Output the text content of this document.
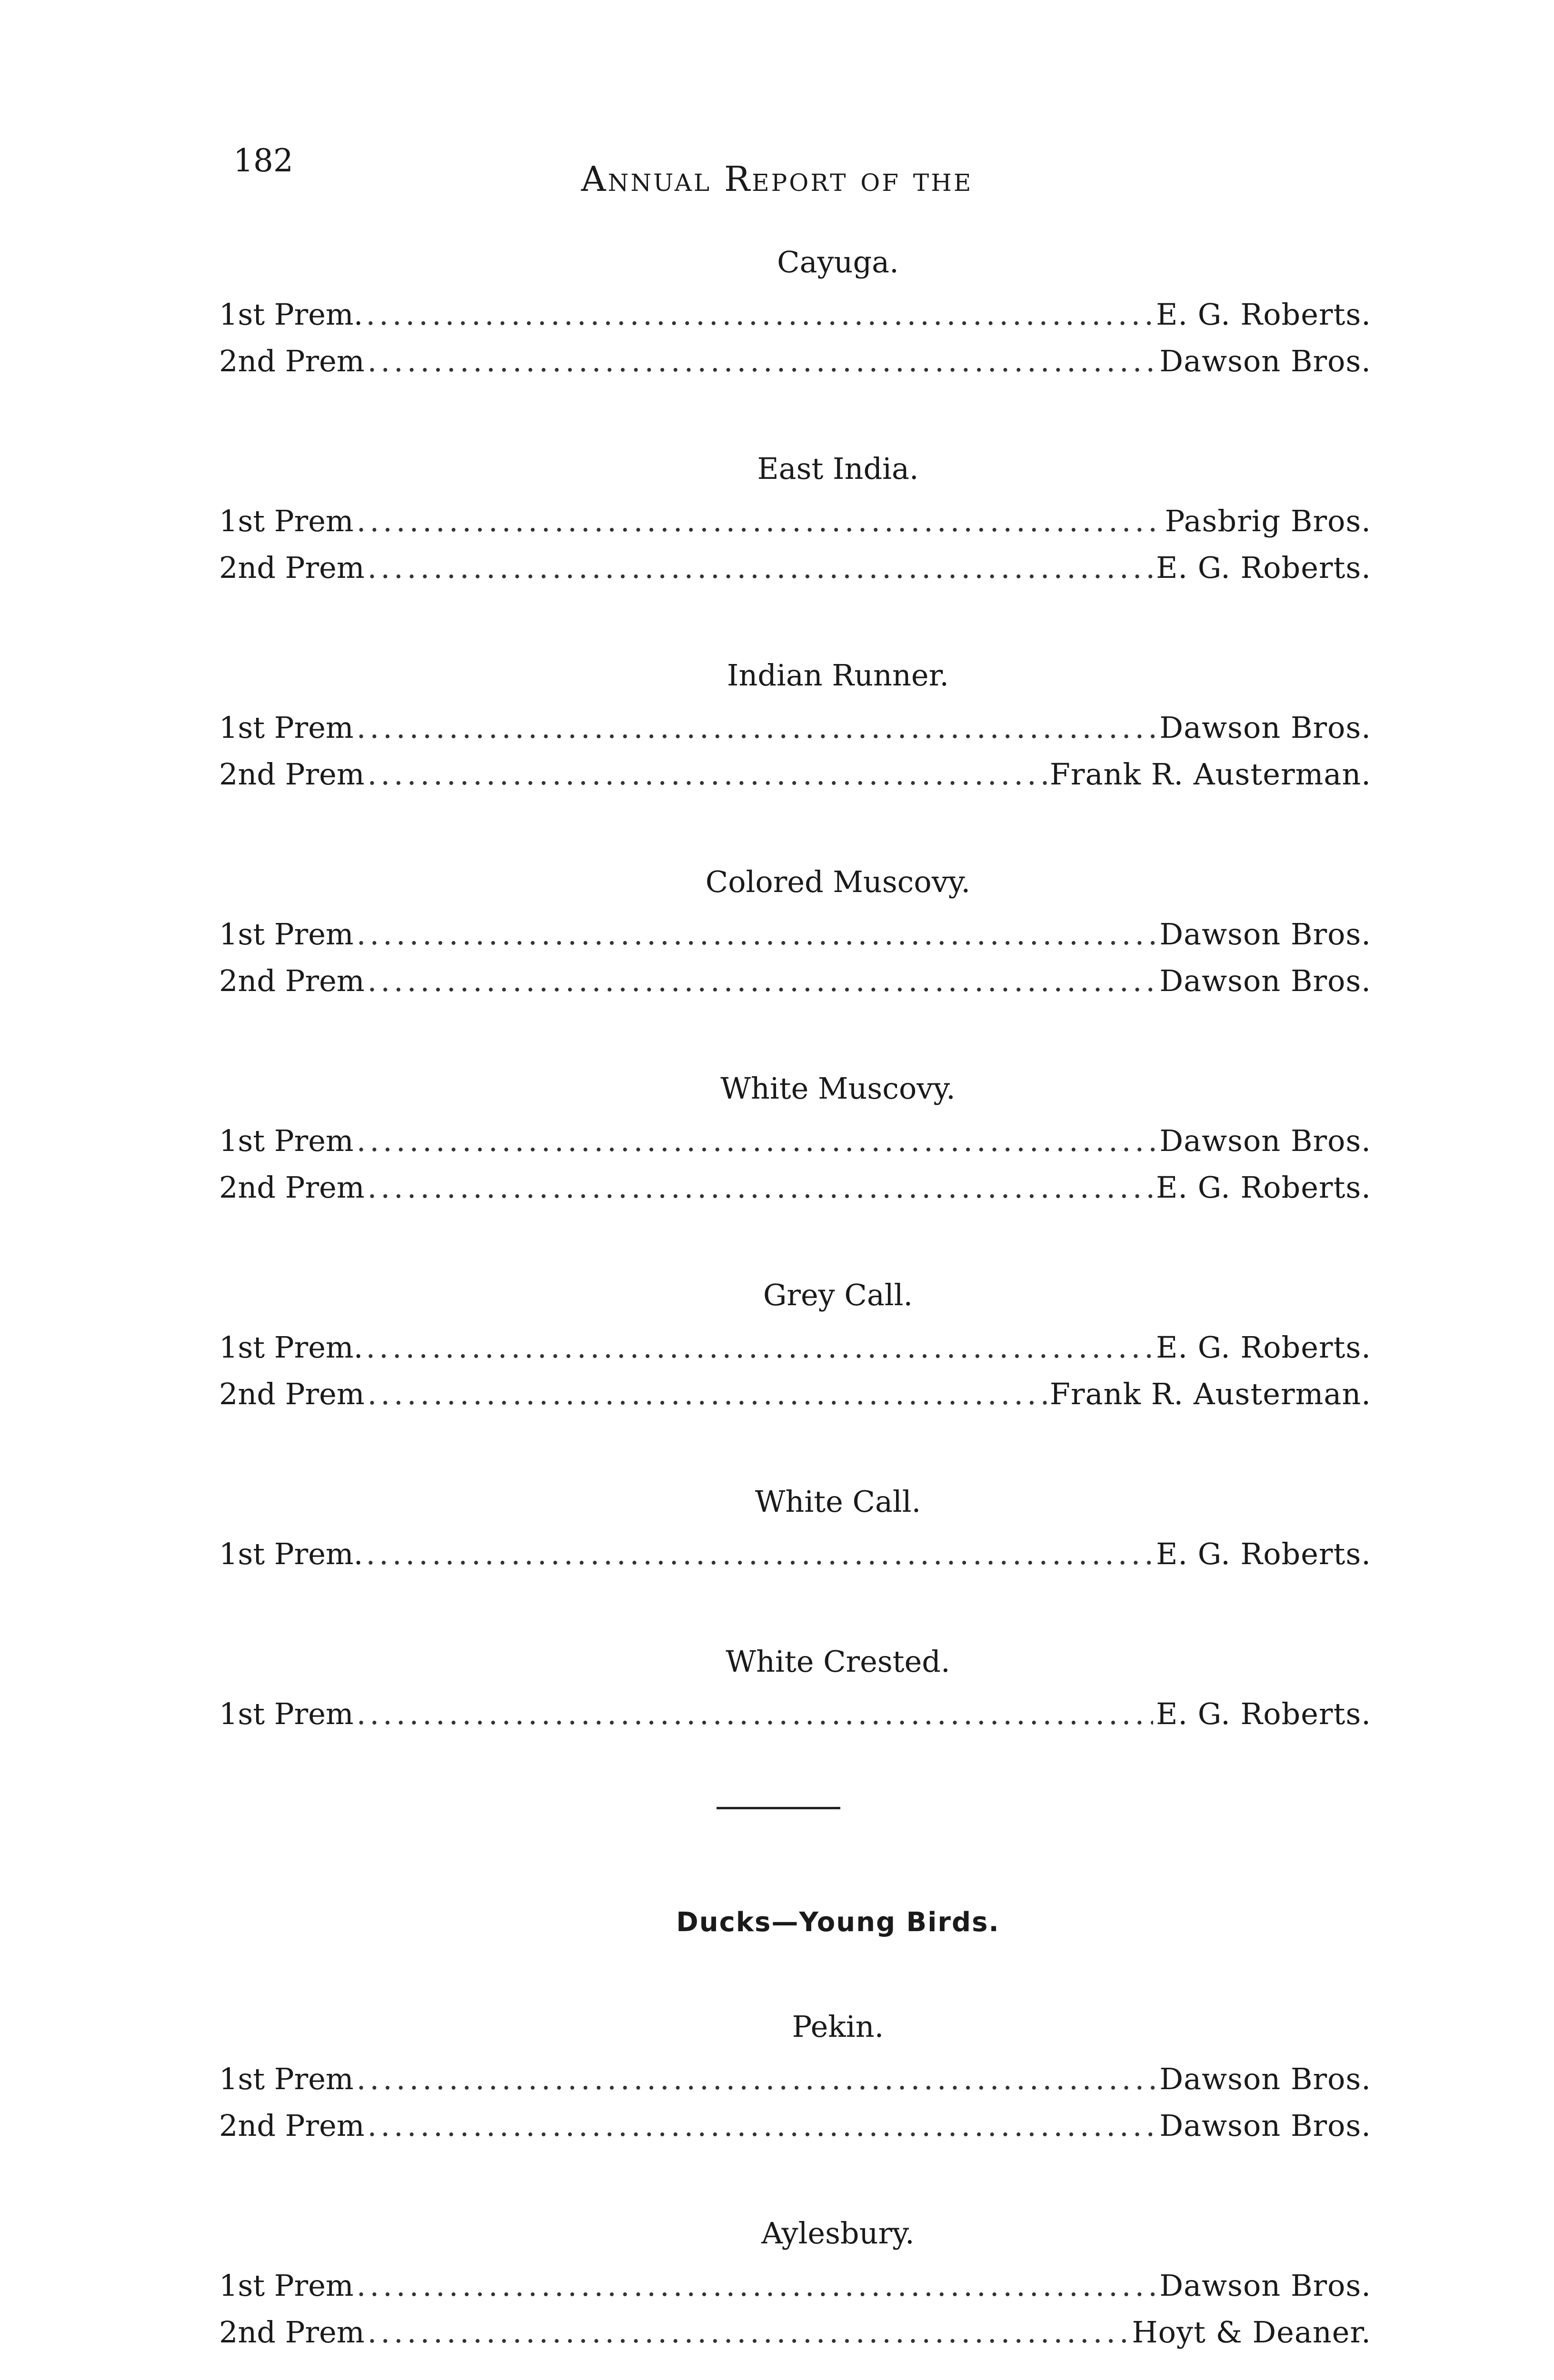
182	Annual Report of the
Cayuga.
1st Prem. .....	E. G. Roberts.
2nd Prem .....	Dawson Bros.
East India.
1st Prem .....	Pasbrig Bros.
2nd Prem .....	E. G. Roberts.
Indian Runner.
1st Prem .....	Dawson Bros.
2nd Prem .....	Frank R. Austerman.
Colored Muscovy.
1st Prem .....	Dawson Bros.
2nd Prem .....	Dawson Bros.
White Muscovy.
1st Prem .....	Dawson Bros.
2nd Prem .....	E. G. Roberts.
Grey Call.
1st Prem. .....	E. G. Roberts.
2nd Prem .....	Frank R. Austerman.
White Call.
1st Prem. .....	E. G. Roberts.
White Crested.
1st Prem .....	E. G. Roberts.
Ducks—Young Birds.
Pekin.
1st Prem .....	Dawson Bros.
2nd Prem .....	Dawson Bros.
Aylesbury.
1st Prem .....	Dawson Bros.
2nd Prem .....	Hoyt & Deaner.
